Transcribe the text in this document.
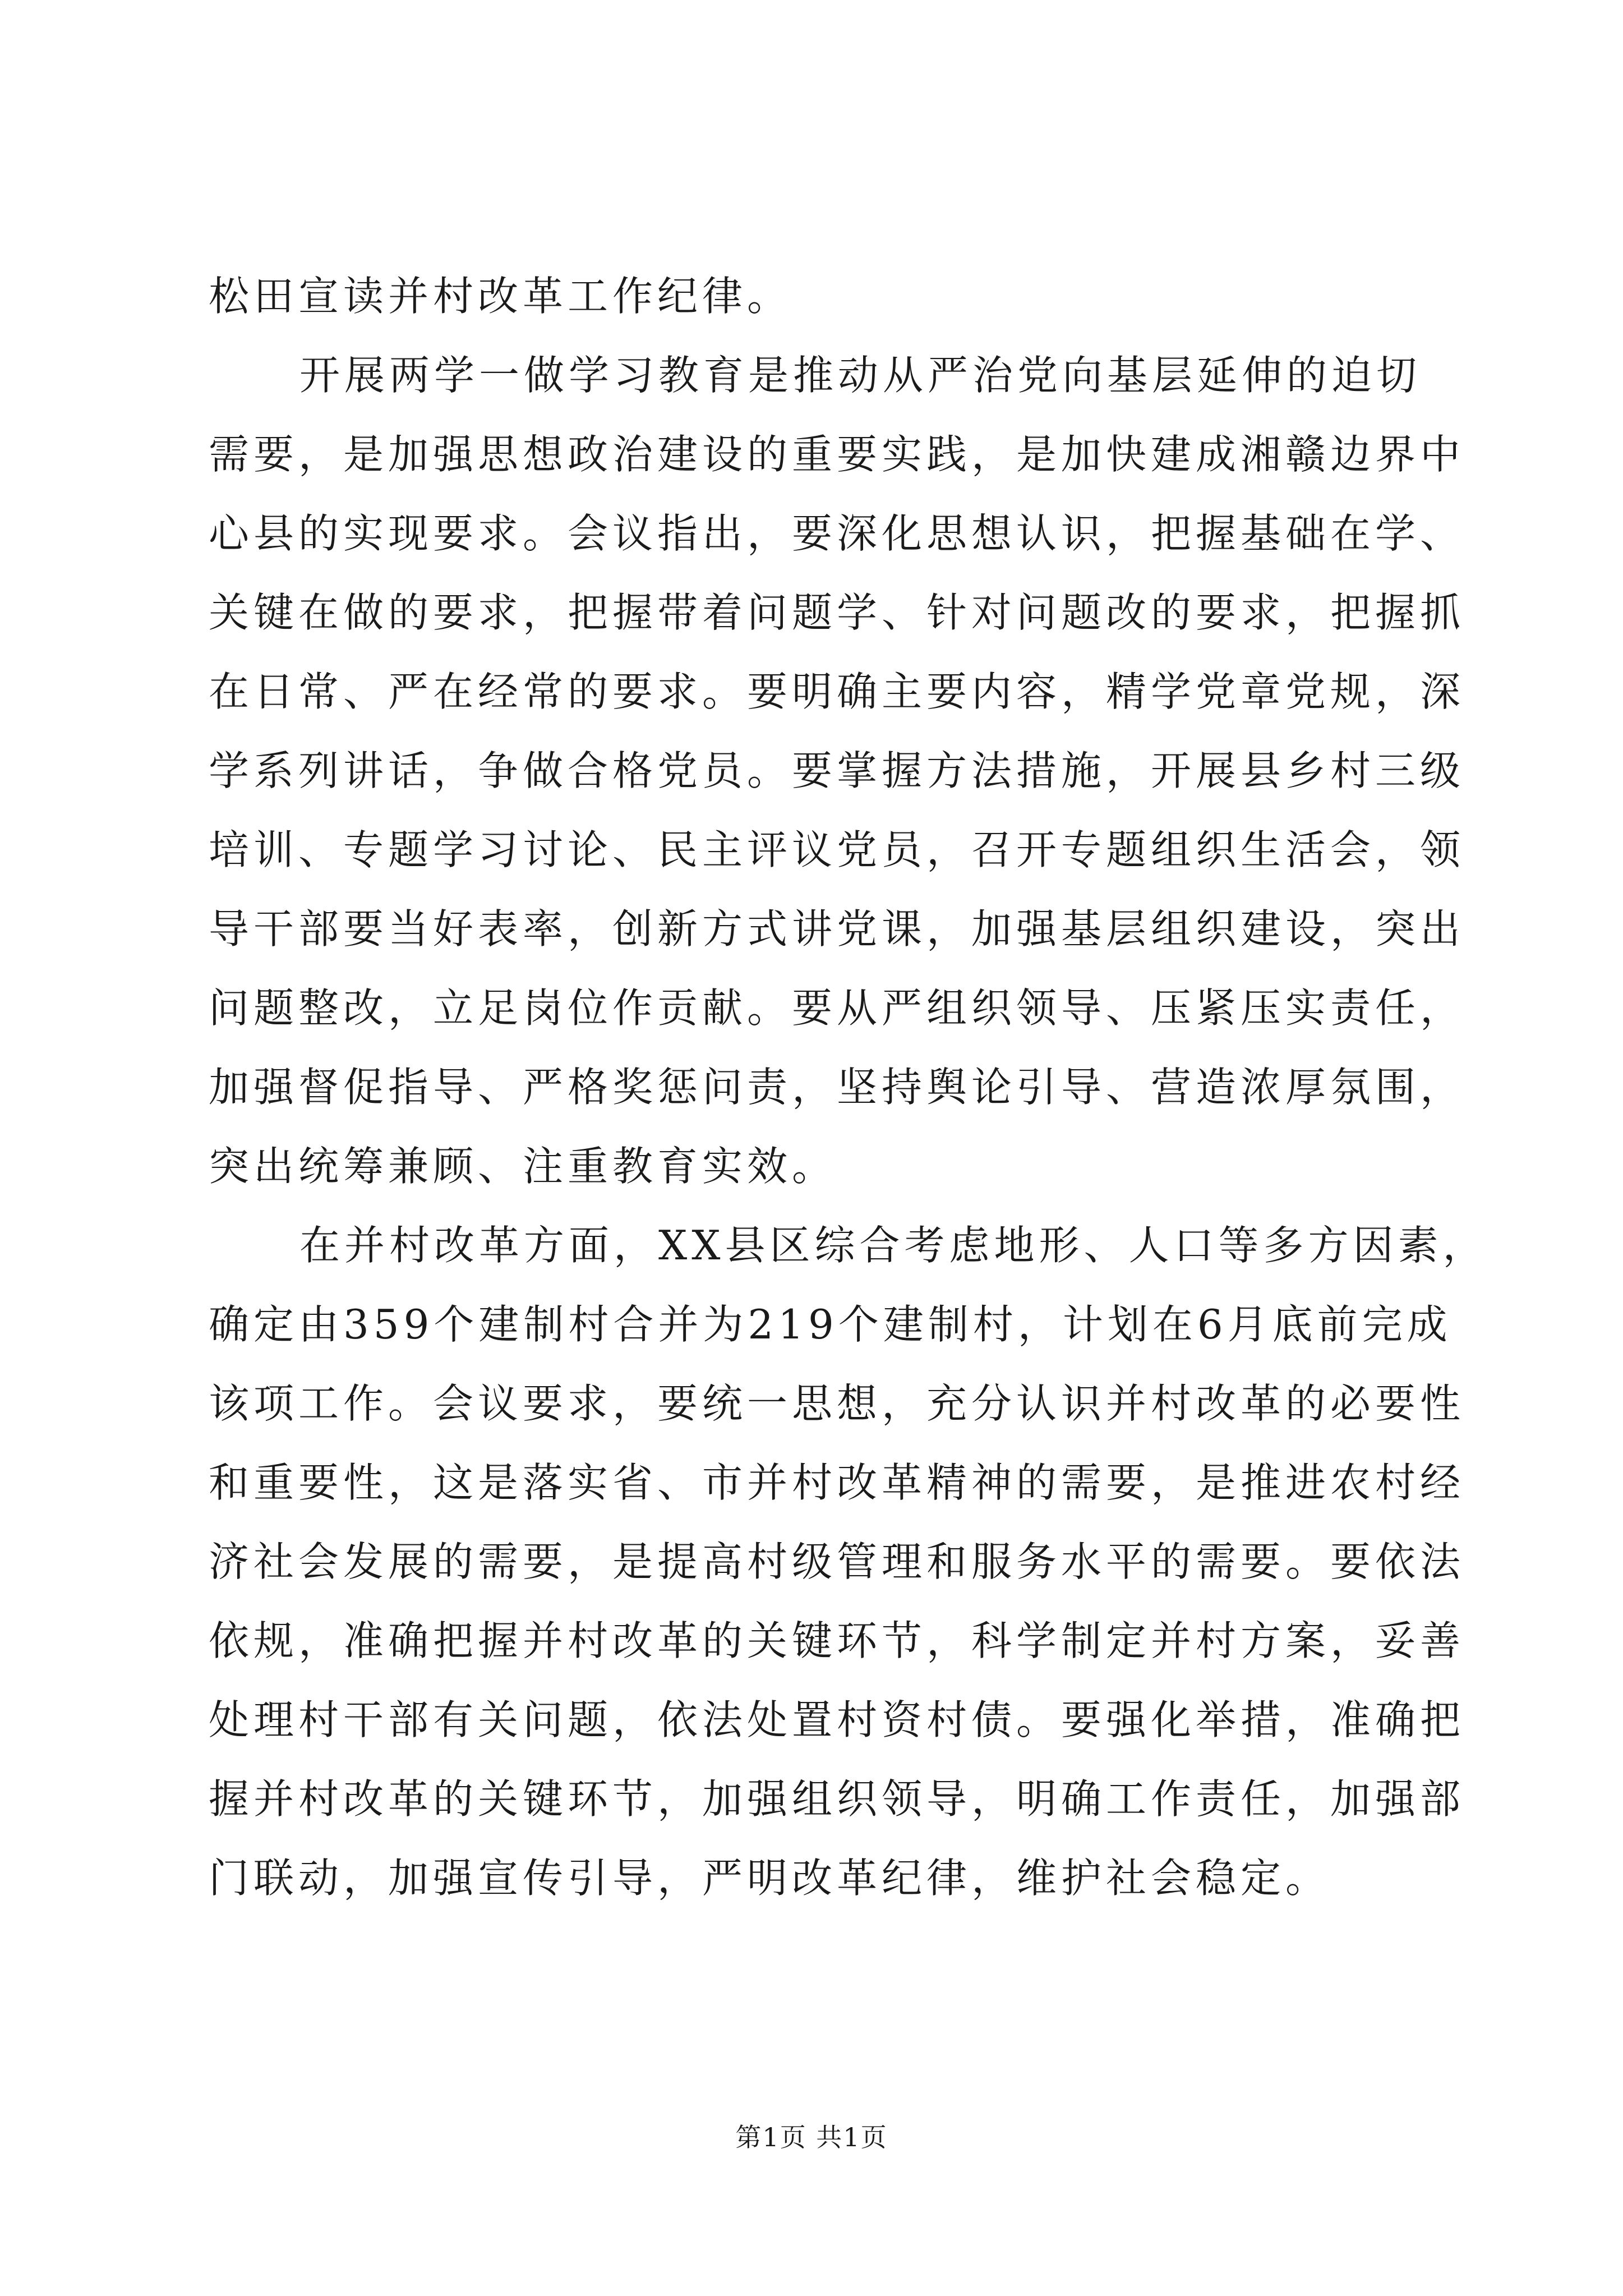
松田宣读并村改革工作纪律。
开展两学一做学习教育是推动从严治党向基层延伸的迫切
需要，是加强思想政治建设的重要实践，是加快建成湘赣边界中
心县的实现要求。会议指出，要深化思想认识，把握基础在学、
关键在做的要求，把握带着问题学、针对问题改的要求，把握抓
在日常、严在经常的要求。要明确主要内容，精学党章党规，深
学系列讲话，争做合格党员。要掌握方法措施，开展县乡村三级
培训、专题学习讨论、民主评议党员，召开专题组织生活会，领
导干部要当好表率，创新方式讲党课，加强基层组织建设，突出
问题整改，立足岗位作贡献。要从严组织领导、压紧压实责任，
加强督促指导、严格奖惩问责，坚持舆论引导、营造浓厚氛围，
突出统筹兼顾、注重教育实效。
在并村改革方面，XX县区综合考虑地形、人口等多方因素，
确定由359个建制村合并为219个建制村，计划在6月底前完成
该项工作。会议要求，要统一思想，充分认识并村改革的必要性
和重要性，这是落实省、市并村改革精神的需要，是推进农村经
济社会发展的需要，是提高村级管理和服务水平的需要。要依法
依规，准确把握并村改革的关键环节，科学制定并村方案，妥善
处理村干部有关问题，依法处置村资村债。要强化举措，准确把
握并村改革的关键环节，加强组织领导，明确工作责任，加强部
门联动，加强宣传引导，严明改革纪律，维护社会稳定。
第1页 共1页
